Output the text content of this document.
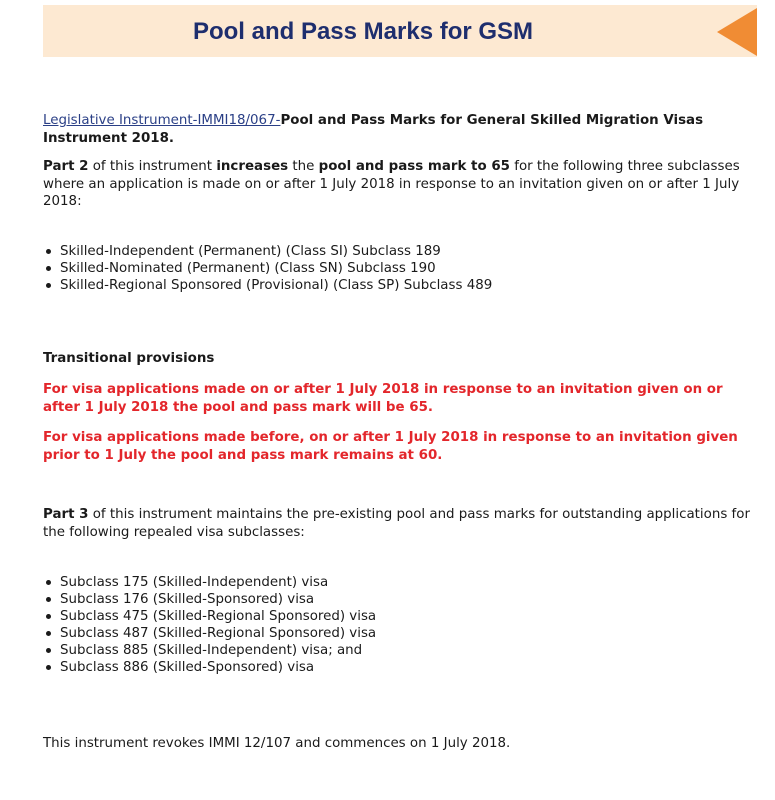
Pool and Pass Marks for GSM

Legislative Instrument-IMMI18/067-Pool and Pass Marks for General Skilled Migration Visas Instrument 2018.

Part 2 of this instrument increases the pool and pass mark to 65 for the following three subclasses where an application is made on or after 1 July 2018 in response to an invitation given on or after 1 July 2018:

Skilled-Independent (Permanent) (Class SI) Subclass 189
Skilled-Nominated (Permanent) (Class SN) Subclass 190
Skilled-Regional Sponsored (Provisional) (Class SP) Subclass 489

Transitional provisions

For visa applications made on or after 1 July 2018 in response to an invitation given on or after 1 July 2018 the pool and pass mark will be 65.

For visa applications made before, on or after 1 July 2018 in response to an invitation given prior to 1 July the pool and pass mark remains at 60.

Part 3 of this instrument maintains the pre-existing pool and pass marks for outstanding applications for the following repealed visa subclasses:

Subclass 175 (Skilled-Independent) visa
Subclass 176 (Skilled-Sponsored) visa
Subclass 475 (Skilled-Regional Sponsored) visa
Subclass 487 (Skilled-Regional Sponsored) visa
Subclass 885 (Skilled-Independent) visa; and
Subclass 886 (Skilled-Sponsored) visa

This instrument revokes IMMI 12/107 and commences on 1 July 2018.
